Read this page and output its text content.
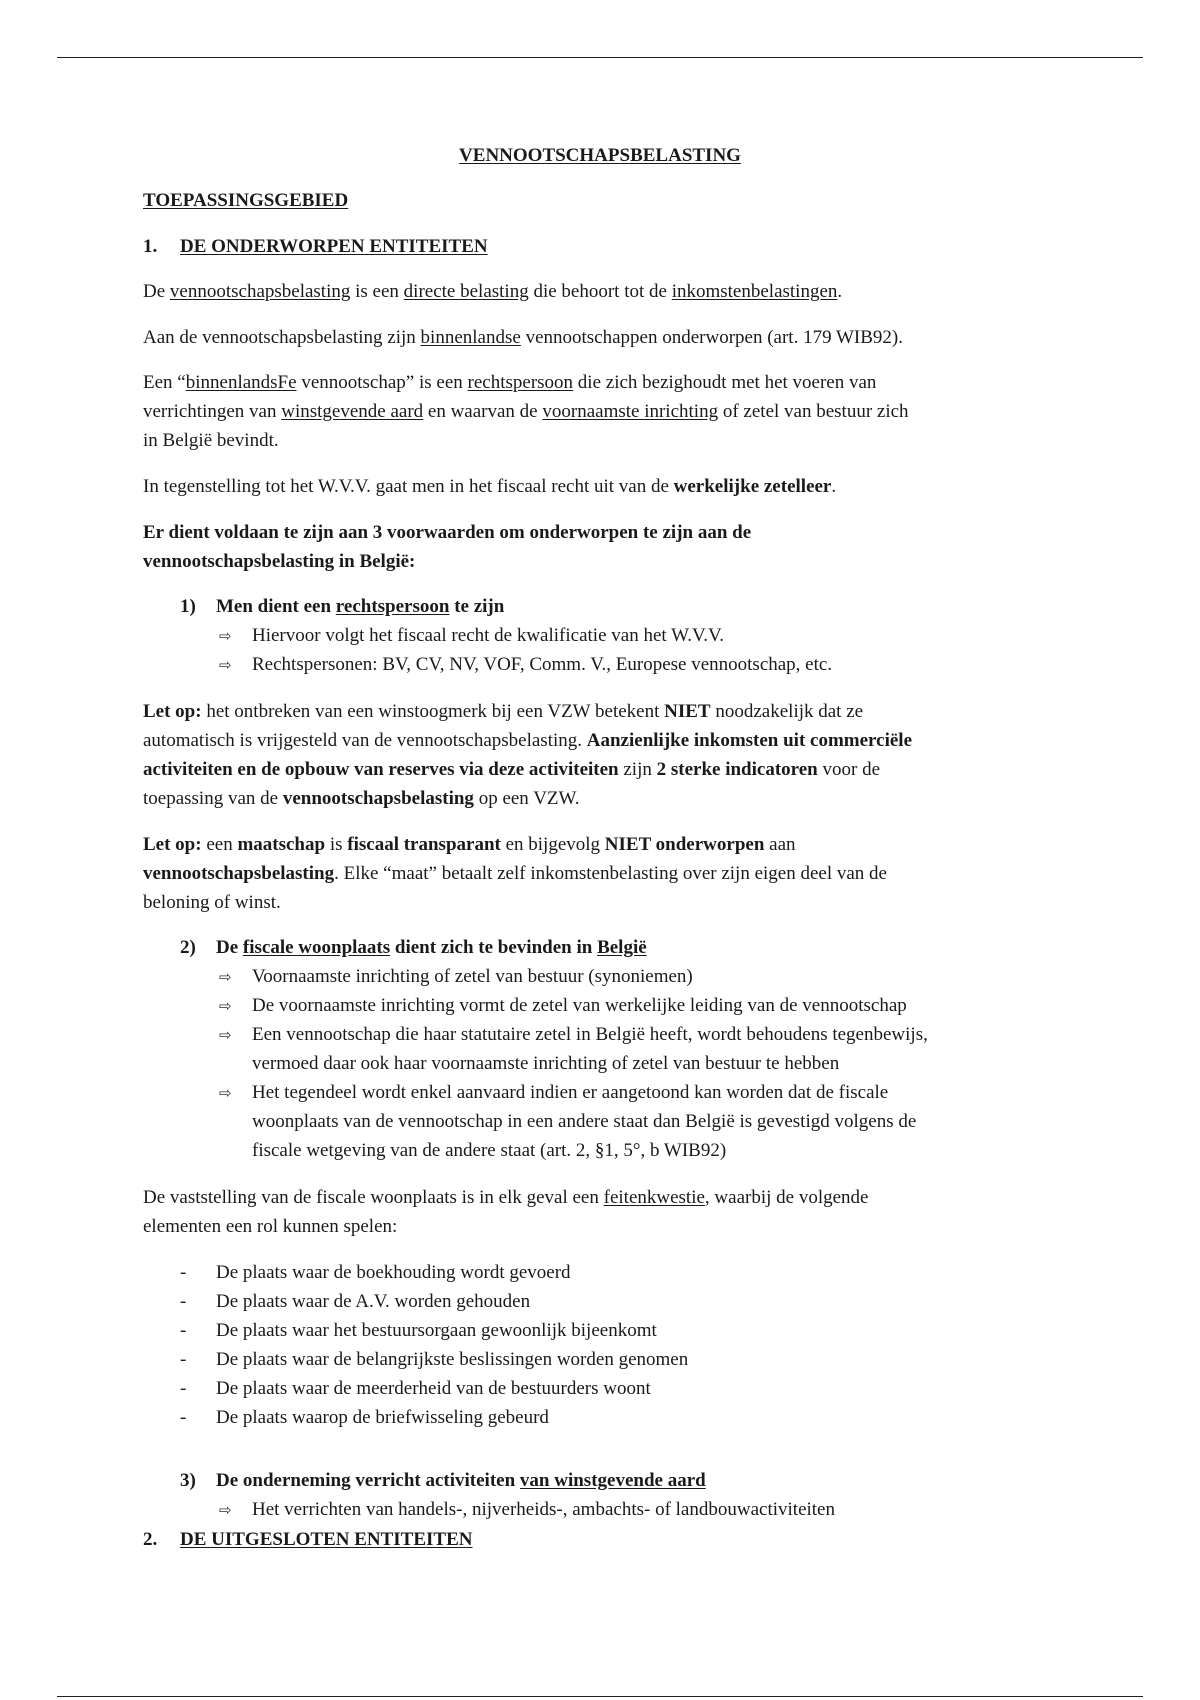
VENNOOTSCHAPSBELASTING
TOEPASSINGSGEBIED
1. DE ONDERWORPEN ENTITEITEN
De vennootschapsbelasting is een directe belasting die behoort tot de inkomstenbelastingen.
Aan de vennootschapsbelasting zijn binnenlandse vennootschappen onderworpen (art. 179 WIB92).
Een “binnenlandsFe vennootschap” is een rechtspersoon die zich bezighoudt met het voeren van
verrichtingen van winstgevende aard en waarvan de voornaamste inrichting of zetel van bestuur zich
in België bevindt.
In tegenstelling tot het W.V.V. gaat men in het fiscaal recht uit van de werkelijke zetelleer.
Er dient voldaan te zijn aan 3 voorwaarden om onderworpen te zijn aan de
vennootschapsbelasting in België:
1) Men dient een rechtspersoon te zijn
⇨ Hiervoor volgt het fiscaal recht de kwalificatie van het W.V.V.
⇨ Rechtspersonen: BV, CV, NV, VOF, Comm. V., Europese vennootschap, etc.
Let op: het ontbreken van een winstoogmerk bij een VZW betekent NIET noodzakelijk dat ze
automatisch is vrijgesteld van de vennootschapsbelasting. Aanzienlijke inkomsten uit commerciële
activiteiten en de opbouw van reserves via deze activiteiten zijn 2 sterke indicatoren voor de
toepassing van de vennootschapsbelasting op een VZW.
Let op: een maatschap is fiscaal transparant en bijgevolg NIET onderworpen aan
vennootschapsbelasting. Elke “maat” betaalt zelf inkomstenbelasting over zijn eigen deel van de
beloning of winst.
2) De fiscale woonplaats dient zich te bevinden in België
⇨ Voornaamste inrichting of zetel van bestuur (synoniemen)
⇨ De voornaamste inrichting vormt de zetel van werkelijke leiding van de vennootschap
⇨ Een vennootschap die haar statutaire zetel in België heeft, wordt behoudens tegenbewijs,
vermoed daar ook haar voornaamste inrichting of zetel van bestuur te hebben
⇨ Het tegendeel wordt enkel aanvaard indien er aangetoond kan worden dat de fiscale
woonplaats van de vennootschap in een andere staat dan België is gevestigd volgens de
fiscale wetgeving van de andere staat (art. 2, §1, 5°, b WIB92)
De vaststelling van de fiscale woonplaats is in elk geval een feitenkwestie, waarbij de volgende
elementen een rol kunnen spelen:
- De plaats waar de boekhouding wordt gevoerd
- De plaats waar de A.V. worden gehouden
- De plaats waar het bestuursorgaan gewoonlijk bijeenkomt
- De plaats waar de belangrijkste beslissingen worden genomen
- De plaats waar de meerderheid van de bestuurders woont
- De plaats waarop de briefwisseling gebeurd
3) De onderneming verricht activiteiten van winstgevende aard
⇨ Het verrichten van handels-, nijverheids-, ambachts- of landbouwactiviteiten
2. DE UITGESLOTEN ENTITEITEN
